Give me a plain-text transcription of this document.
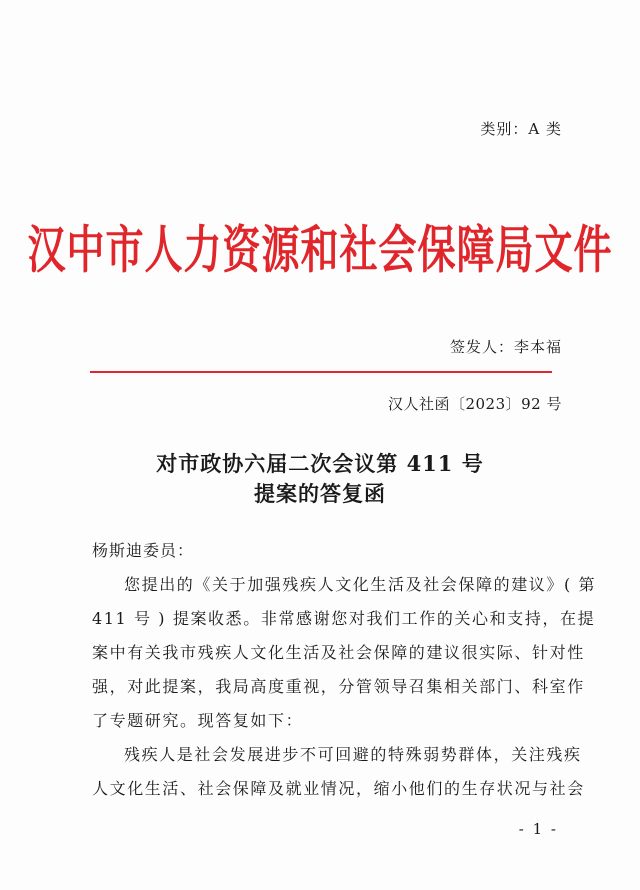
类别：A 类
汉中市人力资源和社会保障局文件
签发人：李本福
汉人社函〔2023〕92 号
对市政协六届二次会议第 411 号
提案的答复函
杨斯迪委员：
您提出的《关于加强残疾人文化生活及社会保障的建议》( 第
411 号 ) 提案收悉。非常感谢您对我们工作的关心和支持，在提
案中有关我市残疾人文化生活及社会保障的建议很实际、针对性
强，对此提案，我局高度重视，分管领导召集相关部门、科室作
了专题研究。现答复如下：
残疾人是社会发展进步不可回避的特殊弱势群体，关注残疾
人文化生活、社会保障及就业情况，缩小他们的生存状况与社会
- 1 -
